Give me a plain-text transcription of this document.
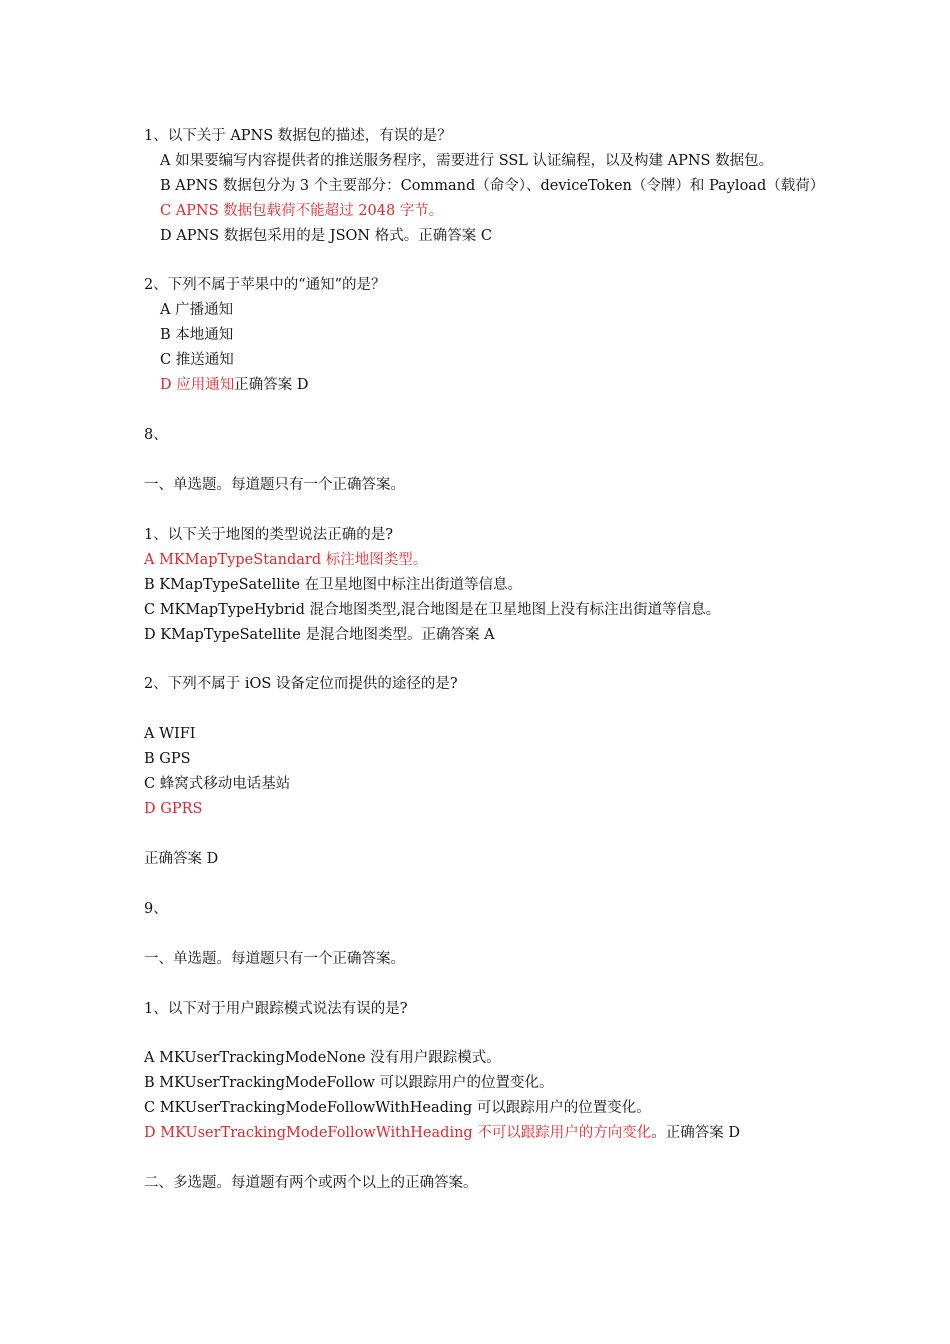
1、以下关于 APNS 数据包的描述，有误的是？
A 如果要编写内容提供者的推送服务程序，需要进行 SSL 认证编程，以及构建 APNS 数据包。
B APNS 数据包分为 3 个主要部分：Command（命令）、deviceToken（令牌）和 Payload（载荷）
C APNS 数据包载荷不能超过 2048 字节。
D APNS 数据包采用的是 JSON 格式。正确答案 C
2、下列不属于苹果中的“通知”的是？
A 广播通知
B 本地通知
C 推送通知
D 应用通知正确答案 D
8、
一、单选题。每道题只有一个正确答案。
1、以下关于地图的类型说法正确的是?
A MKMapTypeStandard 标注地图类型。
B KMapTypeSatellite 在卫星地图中标注出街道等信息。
C MKMapTypeHybrid 混合地图类型,混合地图是在卫星地图上没有标注出街道等信息。
D KMapTypeSatellite 是混合地图类型。正确答案 A
2、下列不属于 iOS 设备定位而提供的途径的是?
A WIFI
B GPS
C 蜂窝式移动电话基站
D GPRS
正确答案 D
9、
一、单选题。每道题只有一个正确答案。
1、以下对于用户跟踪模式说法有误的是?
A MKUserTrackingModeNone 没有用户跟踪模式。
B MKUserTrackingModeFollow 可以跟踪用户的位置变化。
C MKUserTrackingModeFollowWithHeading 可以跟踪用户的位置变化。
D MKUserTrackingModeFollowWithHeading 不可以跟踪用户的方向变化。正确答案 D
二、多选题。每道题有两个或两个以上的正确答案。
